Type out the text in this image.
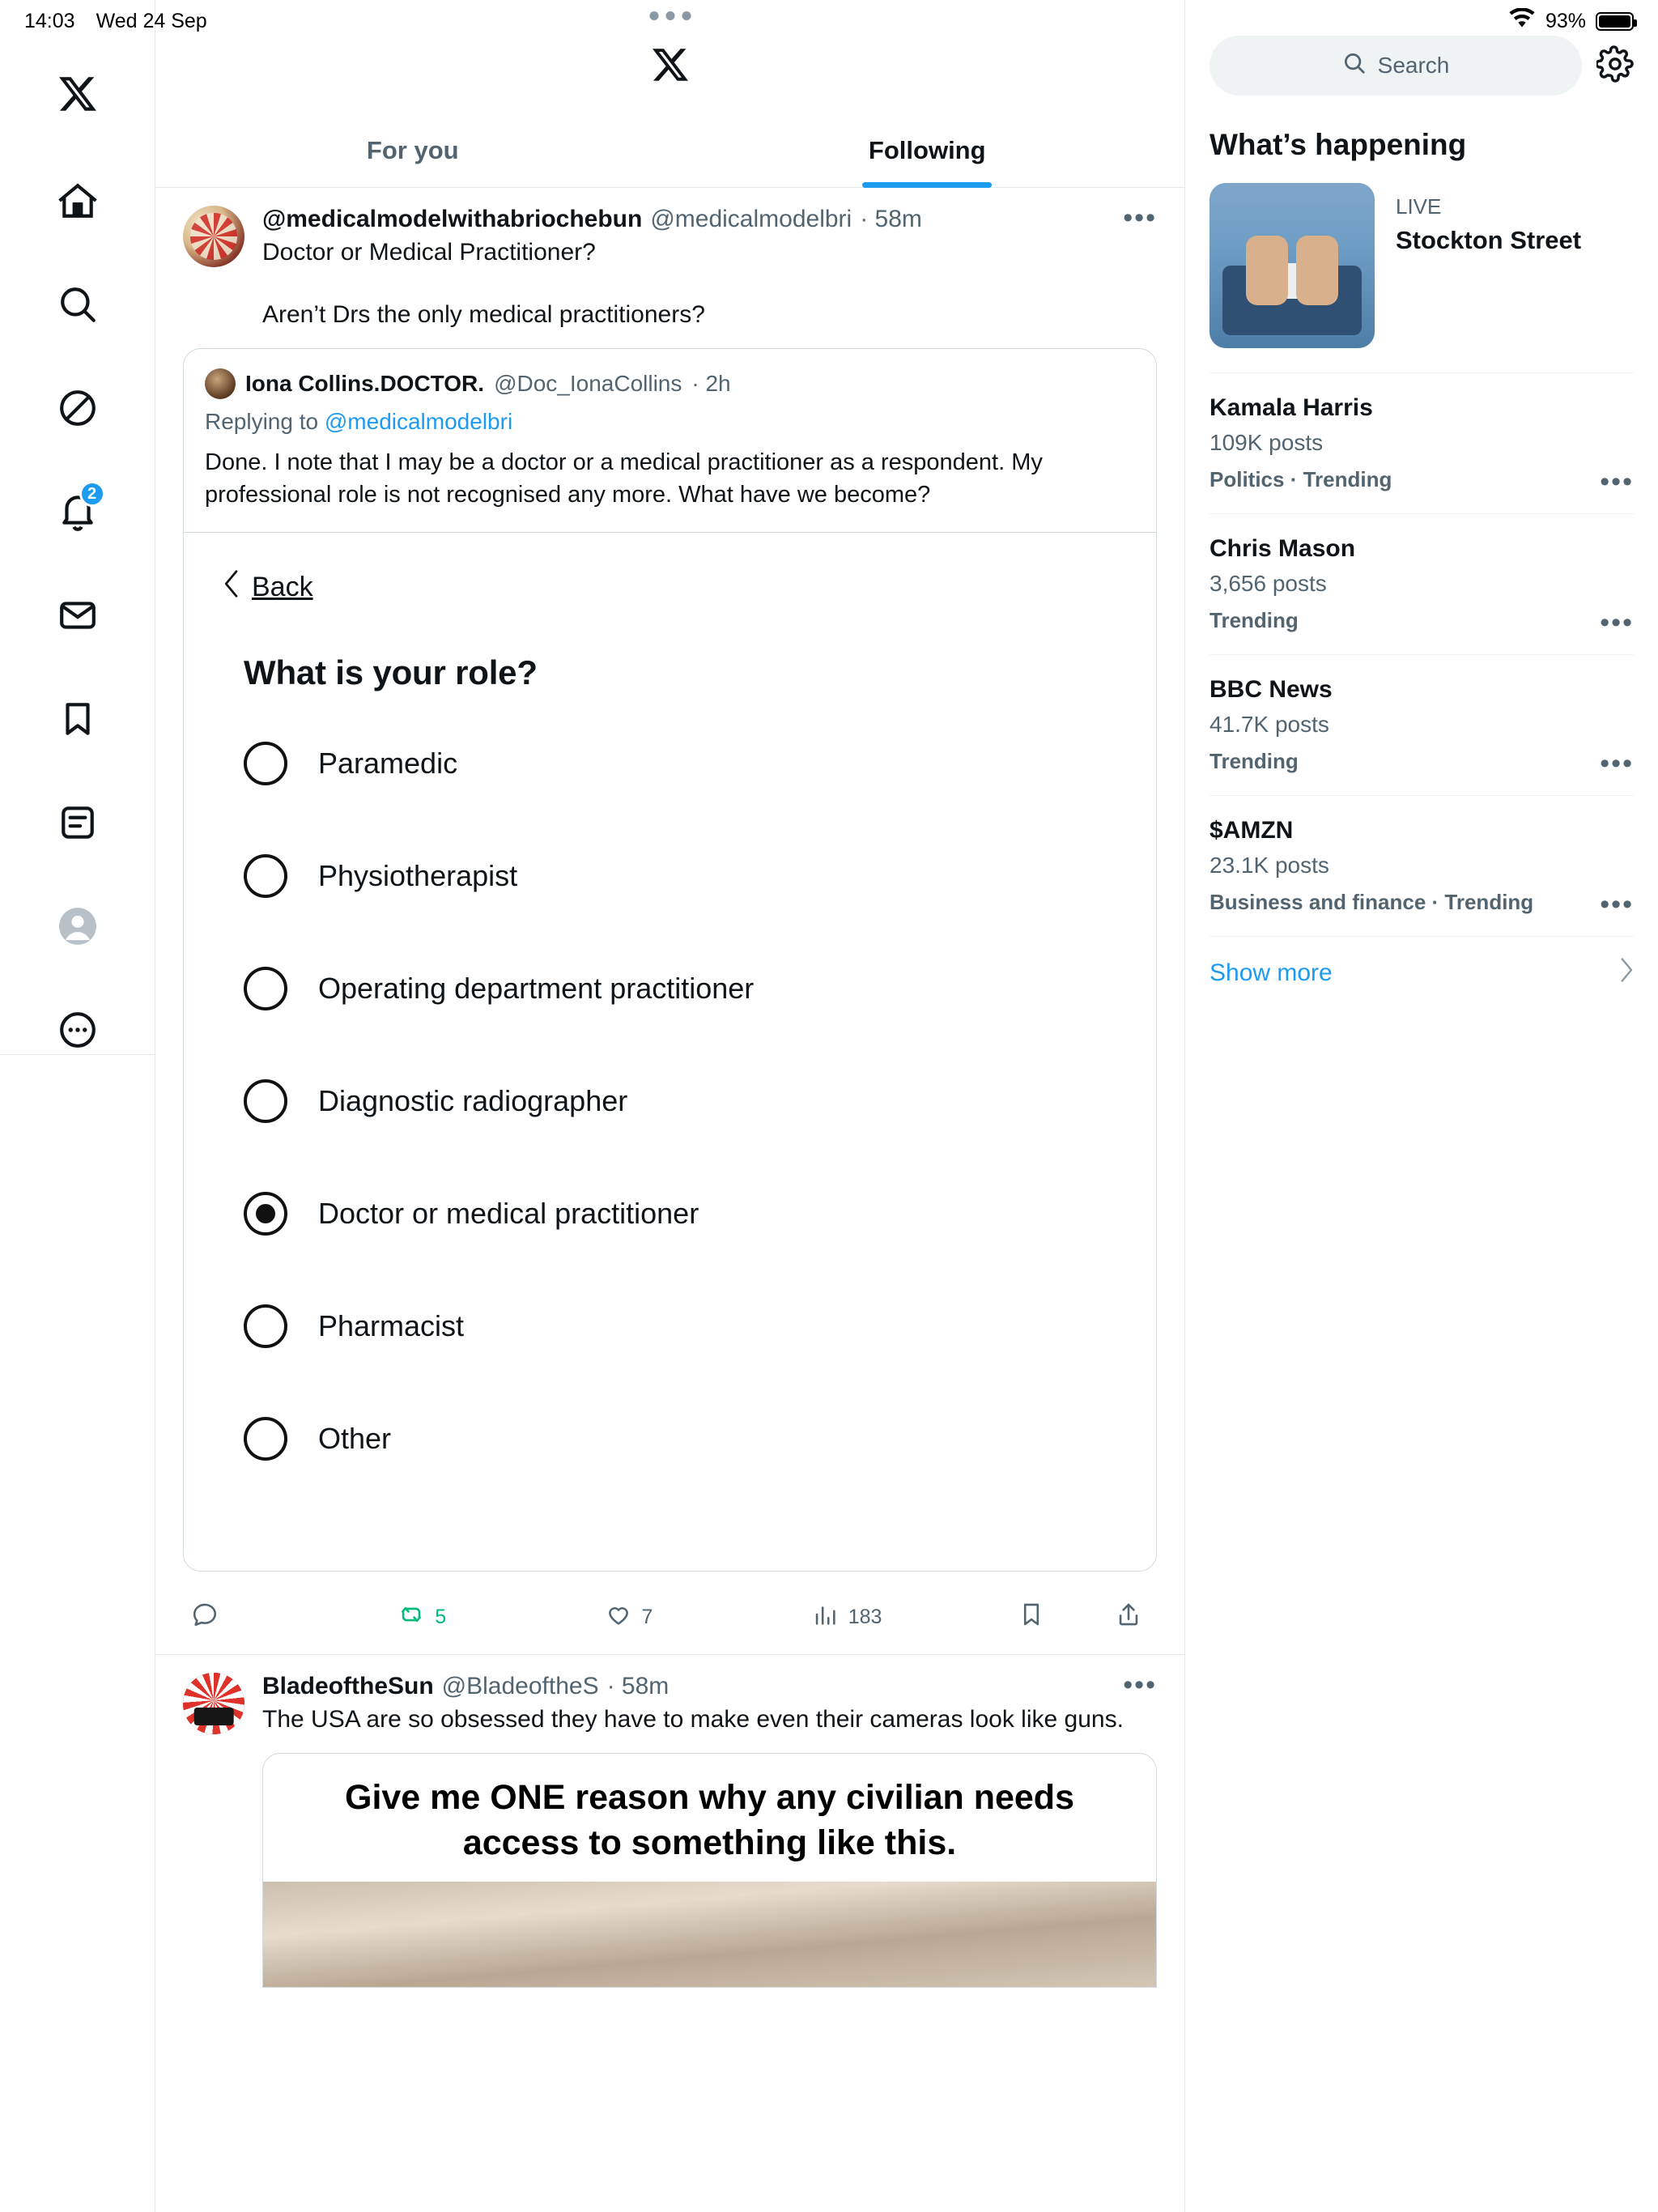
14:03 Wed 24 Sep	93%
2
For you	Following
@medicalmodelwithabriochebun @medicalmodelbri · 58m	•••

Doctor or Medical Practitioner?

Aren’t Drs the only medical practitioners?

Iona Collins.DOCTOR. @Doc_IonaCollins · 2h
Replying to @medicalmodelbri
Done. I note that I may be a doctor or a medical practitioner as a respondent. My professional role is not recognised any more. What have we become?
Back
What is your role?
Paramedic
Physiotherapist
Operating department practitioner
Diagnostic radiographer
Doctor or medical practitioner
Pharmacist
Other
5	7	183
BladeoftheSun @BladeoftheS · 58m	•••
The USA are so obsessed they have to make even their cameras look like guns.
Give me ONE reason why any civilian needs access to something like this.
Search
What’s happening
LIVE
Stockton Street
Kamala Harris
109K posts
Politics · Trending	•••
Chris Mason
3,656 posts
Trending	•••
BBC News
41.7K posts
Trending	•••
$AMZN
23.1K posts
Business and finance · Trending	•••
Show more
